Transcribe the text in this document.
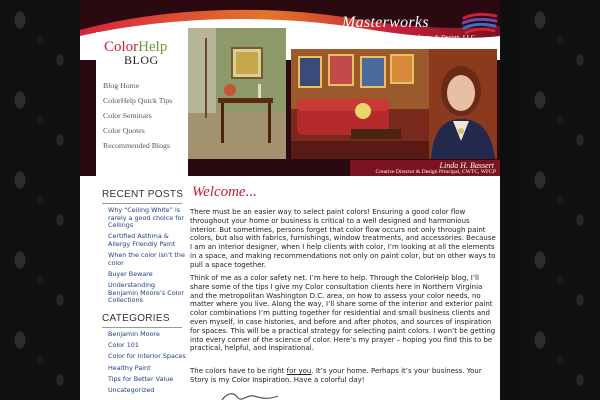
Masterworks
Window Fashions & Design, LLC
ColorHelp
BLOG
Blog Home
ColorHelp Quick Tips
Color Seminars
Color Quotes
Recommended Blogs
Linda H. Bassert
Creative Director & Design Principal, CWTC, WFCP
RECENT POSTS
Why “Ceiling White” is rarely a good choice for Ceilings
Certified Asthma & Allergy Friendly Paint
When the color isn’t the color
Buyer Beware
Understanding Benjamin Moore’s Color Collections
CATEGORIES
Benjamin Moore
Color 101
Color for Interior Spaces
Healthy Paint
Tips for Better Value
Uncategorized
Welcome...

There must be an easier way to select paint colors! Ensuring a good color flow throughout your home or business is critical to a well designed and harmonious interior. But sometimes, persons forget that color flow occurs not only through paint colors, but also with fabrics, furnishings, window treatments, and accessories. Because I am an interior designer, when I help clients with color, I’m looking at all the elements in a space, and making recommendations not only on paint color, but on other ways to pull a space together.

Think of me as a color safety net. I’m here to help. Through the ColorHelp blog, I’ll share some of the tips I give my Color consultation clients here in Northern Virginia and the metropolitan Washington D.C. area, on how to assess your color needs, no matter where you live. Along the way, I’ll share some of the interior and exterior paint color combinations I’m putting together for residential and small business clients and even myself, in case histories, and before and after photos, and sources of inspiration for spaces. This will be a practical strategy for selecting paint colors. I won’t be getting into every corner of the science of color. Here’s my prayer – hoping you find this to be practical, helpful, and inspirational.

The colors have to be right for you. It’s your home. Perhaps it’s your business. Your Story is my Color Inspiration. Have a colorful day!
